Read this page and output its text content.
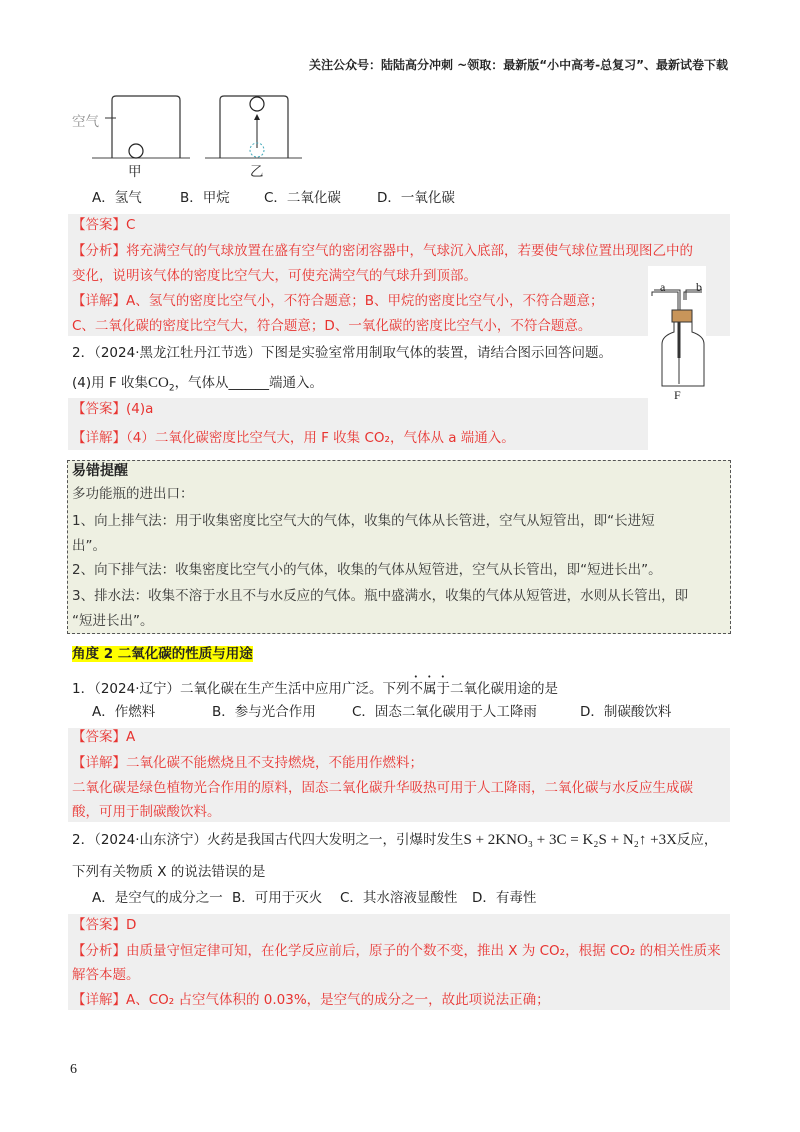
关注公众号：陆陆高分冲刺 ~领取：最新版“小中高考-总复习”、最新试卷下载
空气
甲	乙
A．氢气	B．甲烷	C．二氧化碳	D．一氧化碳
【答案】C
【分析】将充满空气的气球放置在盛有空气的密闭容器中，气球沉入底部，若要使气球位置出现图乙中的
变化，说明该气体的密度比空气大，可使充满空气的气球升到顶部。
【详解】A、氢气的密度比空气小，不符合题意；B、甲烷的密度比空气小，不符合题意；
C、二氧化碳的密度比空气大，符合题意；D、一氧化碳的密度比空气小，不符合题意。
a	b
F
2．（2024·黑龙江牡丹江节选）下图是实验室常用制取气体的装置，请结合图示回答问题。
(4)用 F 收集$CO_2$，气体从______端通入。
【答案】(4)a
【详解】（4）二氧化碳密度比空气大，用 F 收集 CO₂，气体从 a 端通入。
易错提醒
多功能瓶的进出口：
1、向上排气法：用于收集密度比空气大的气体，收集的气体从长管进，空气从短管出，即“长进短
出”。
2、向下排气法：收集密度比空气小的气体，收集的气体从短管进，空气从长管出，即“短进长出”。
3、排水法：收集不溶于水且不与水反应的气体。瓶中盛满水，收集的气体从短管进，水则从长管出，即
“短进长出”。
角度 2 二氧化碳的性质与用途
1．（2024·辽宁）二氧化碳在生产生活中应用广泛。下列不属于二氧化碳用途的是
A．作燃料	B．参与光合作用	C．固态二氧化碳用于人工降雨	D．制碳酸饮料
【答案】A
【详解】二氧化碳不能燃烧且不支持燃烧，不能用作燃料；
二氧化碳是绿色植物光合作用的原料，固态二氧化碳升华吸热可用于人工降雨，二氧化碳与水反应生成碳
酸，可用于制碳酸饮料。
2．（2024·山东济宁）火药是我国古代四大发明之一，引爆时发生S + 2KNO₃ + 3C = K₂S + N₂↑ +3X反应，
下列有关物质 X 的说法错误的是
A．是空气的成分之一 B．可用于灭火 C．其水溶液显酸性 D．有毒性
【答案】D
【分析】由质量守恒定律可知，在化学反应前后，原子的个数不变，推出 X 为 CO₂，根据 CO₂ 的相关性质来
解答本题。
【详解】A、CO₂ 占空气体积的 0.03%，是空气的成分之一，故此项说法正确；
6
